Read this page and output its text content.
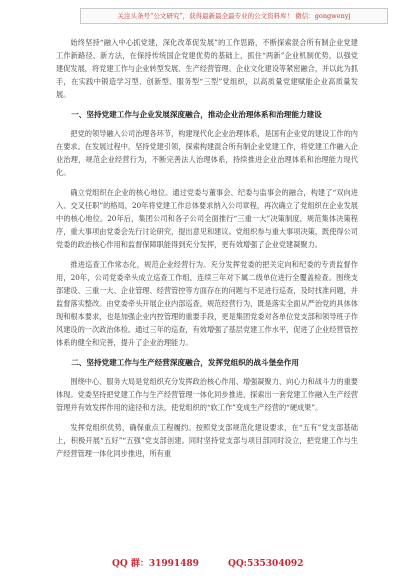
关注头条号“公文研究”，获得最新最全最专业的公文资料库！ 微信：gongwenyj

始终坚持“融入中心抓党建，深化改革促发展”的工作思路，不断探索混合所有制企业党建工作新路径、新方法，在保持传统国企党建优势的基础上，抓住“两新”企业机制优势，以强党建促发展，将党建工作与企业转型发展、生产经营管理、企业文化建设等紧密融合，并以此为抓手，在实践中锻造学习型、创新型、服务型“三型”党组织，以高质量党建赋能企业高质量发展。

一、坚持党建工作与企业发展深度融合，推动企业治理体系和治理能力建设

把党的领导融入公司治理各环节，构建现代化企业治理体系，是国有企业党的建设工作的内在要求。在发展过程中，坚持党建引领，探索构建混合所有制企业党建工作，将党建工作融入企业治理，规范企业经营行为，不断完善法人治理体系，持续推进企业治理体系和治理能力现代化。

确立党组织在企业的核心地位。通过党委与董事会、纪委与监事会的融合，构建了“双向进入、交叉任职”的格局，20年将党建工作总体要求纳入公司章程，再次确立了党组织在企业发展中的核心地位。20年后，集团公司和各子公司全面推行“三重一大”决策制度，规范集体决策程序，重大事项由党委会先行讨论研究，提出意见和建议。党组织参与重大事项决策，既使得公司党委的政治核心作用和监督保障职能得到充分发挥，更有效增强了企业党建凝聚力。

推进巡查工作常态化，规范企业经营行为。充分发挥党委的把关定向和纪委的专责监督作用，20年，公司党委牵头成立巡查工作组，连续三年对下属二级单位进行全覆盖检查。围绕支部建设、三重一大、企业管理、经营管控等方面存在的问题与不足进行巡查，及时找准问题，并监督落实整改。由党委牵头开展企业内部巡查，规范经营行为，既是落实全面从严治党的具体体现和根本要求，也是加强企业内控管理的重要手段，更是集团党委对各单位党支部和领导班子作风建设的一次政治体检。通过三年的巡查，有效增强了基层党建工作水平，促进了企业经营管控体系的健全和完善，提升了企业治理能力。

二、坚持党建工作与生产经营深度融合，发挥党组织的战斗堡垒作用

围绕中心、服务大局是党组织充分发挥政治核心作用、增强凝聚力、向心力和战斗力的重要体现。党委坚持把党建工作与生产经营管理一体化同步推进，探索出一套党建工作融入生产经营管理并有效发挥作用的途径和方法，使党组织的“软工作”变成生产经营的“硬成果”。

发挥党组织优势，确保重点工程履约。按照党支部规范化建设要求，在“五有”党支部基础上，积极开展“五好”“五强”党支部创建。同时坚持党支部与项目部同时设立，把党建工作与生产经营管理一体化同步推进，所有重

QQ 群：31991489	QQ:535304092
